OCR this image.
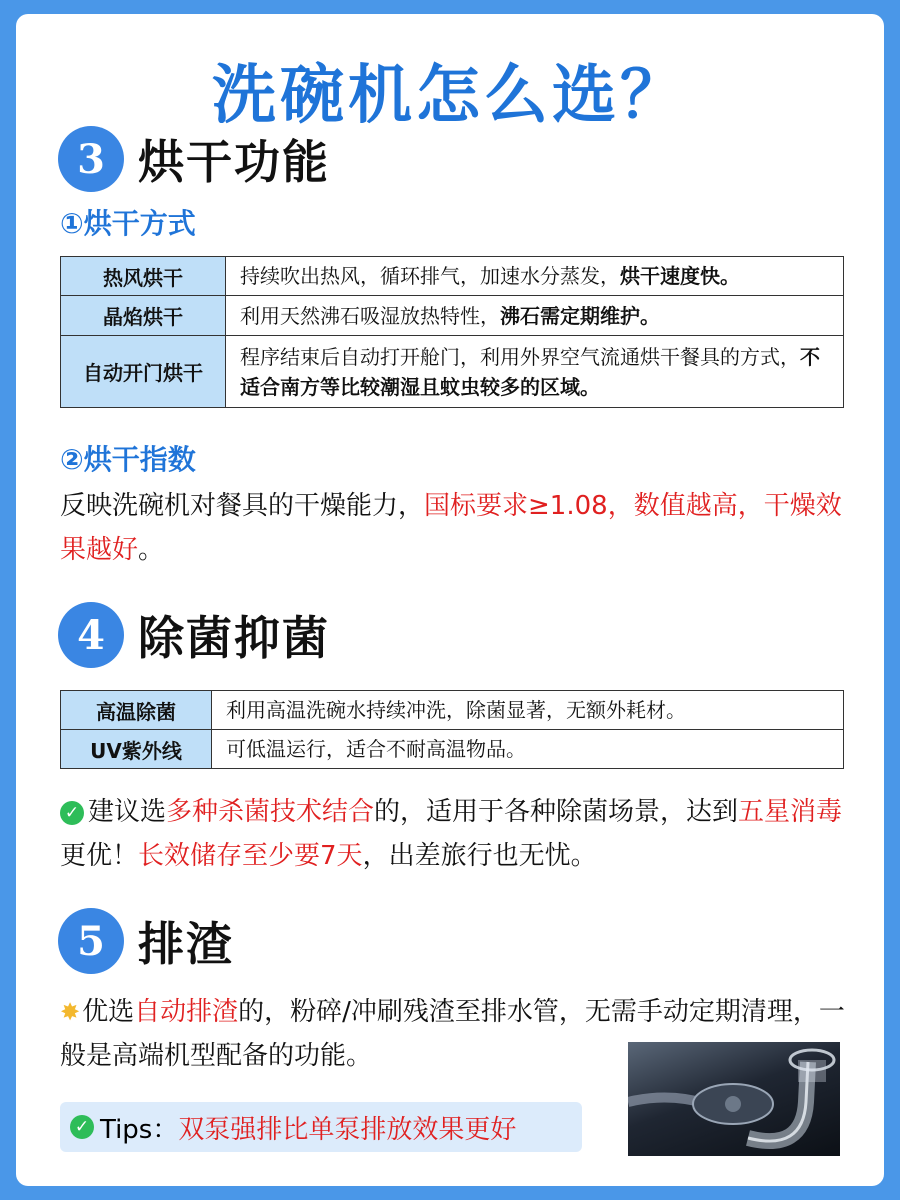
洗碗机怎么选？
3 烘干功能
①烘干方式
热风烘干	持续吹出热风，循环排气，加速水分蒸发，烘干速度快。
晶焰烘干	利用天然沸石吸湿放热特性，沸石需定期维护。
自动开门烘干	程序结束后自动打开舱门，利用外界空气流通烘干餐具的方式，不适合南方等比较潮湿且蚊虫较多的区域。
②烘干指数
反映洗碗机对餐具的干燥能力，国标要求≥1.08，数值越高，干燥效果越好。
4 除菌抑菌
高温除菌	利用高温洗碗水持续冲洗，除菌显著，无额外耗材。
UV紫外线	可低温运行，适合不耐高温物品。
✓ 建议选多种杀菌技术结合的，适用于各种除菌场景，达到五星消毒更优！长效储存至少要7天，出差旅行也无忧。
5 排渣
✸优选自动排渣的，粉碎/冲刷残渣至排水管，无需手动定期清理，一般是高端机型配备的功能。
✓ Tips： 双泵强排比单泵排放效果更好
